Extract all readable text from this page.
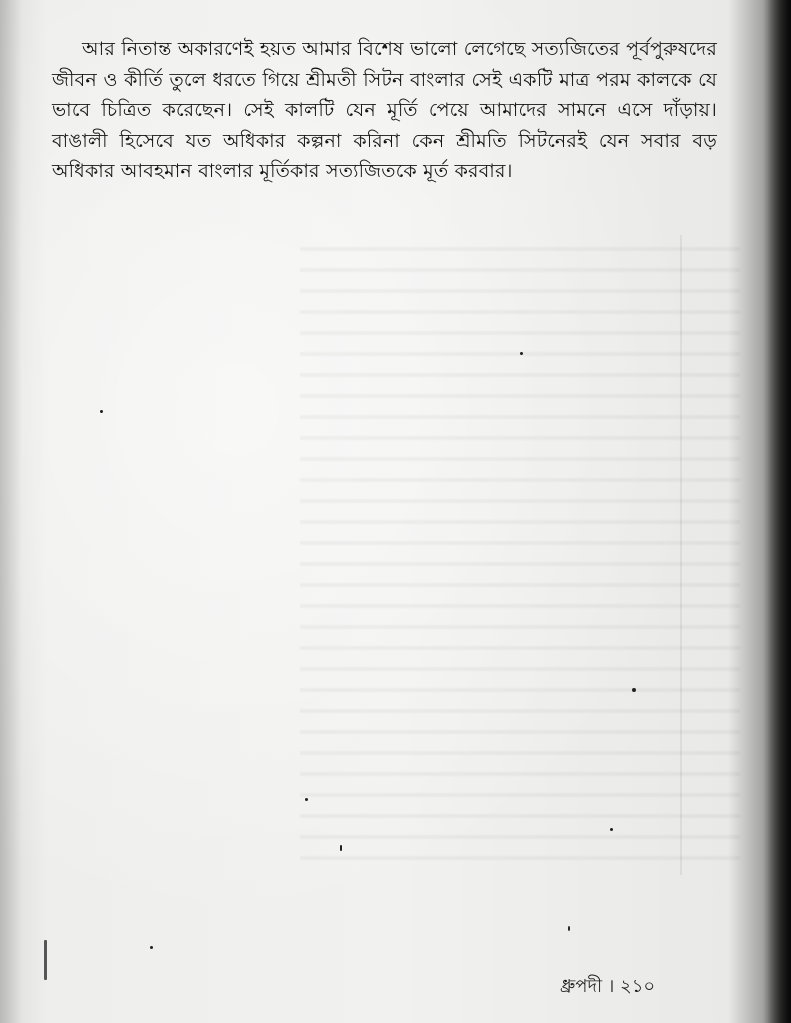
আর নিতান্ত অকারণেই হয়ত আমার বিশেষ ভালো লেগেছে সত্যজিতের পূর্বপুরুষদের জীবন ও কীর্তি তুলে ধরতে গিয়ে শ্রীমতী সিটন বাংলার সেই একটি মাত্র পরম কালকে যে ভাবে চিত্রিত করেছেন। সেই কালটি যেন মূর্তি পেয়ে আমাদের সামনে এসে দাঁড়ায়। বাঙালী হিসেবে যত অধিকার কল্পনা করিনা কেন শ্রীমতি সিটনেরই যেন সবার বড় অধিকার আবহমান বাংলার মূর্তিকার সত্যজিতকে মূর্ত করবার।

ধ্রুপদী । ২১০
